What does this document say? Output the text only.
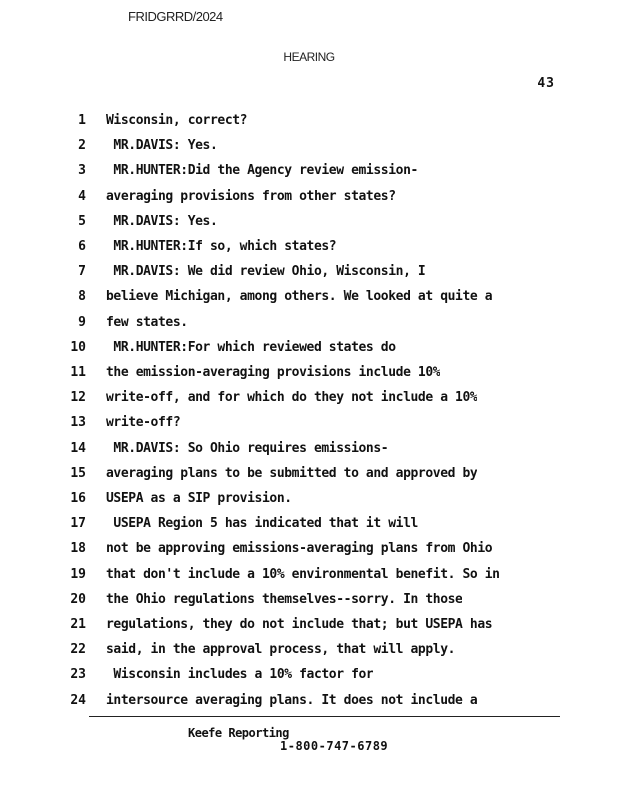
FRIDGRRD/2024
HEARING
43
1 Wisconsin, correct?
2 MR.DAVIS: Yes.
3 MR.HUNTER:Did the Agency review emission-
4 averaging provisions from other states?
5 MR.DAVIS: Yes.
6 MR.HUNTER:If so, which states?
7 MR.DAVIS: We did review Ohio, Wisconsin, I
8 believe Michigan, among others. We looked at quite a
9 few states.
10 MR.HUNTER:For which reviewed states do
11 the emission-averaging provisions include 10%
12 write-off, and for which do they not include a 10%
13 write-off?
14 MR.DAVIS: So Ohio requires emissions-
15 averaging plans to be submitted to and approved by
16 USEPA as a SIP provision.
17 USEPA Region 5 has indicated that it will
18 not be approving emissions-averaging plans from Ohio
19 that don't include a 10% environmental benefit. So in
20 the Ohio regulations themselves--sorry. In those
21 regulations, they do not include that; but USEPA has
22 said, in the approval process, that will apply.
23 Wisconsin includes a 10% factor for
24 intersource averaging plans. It does not include a
Keefe Reporting
1-800-747-6789
